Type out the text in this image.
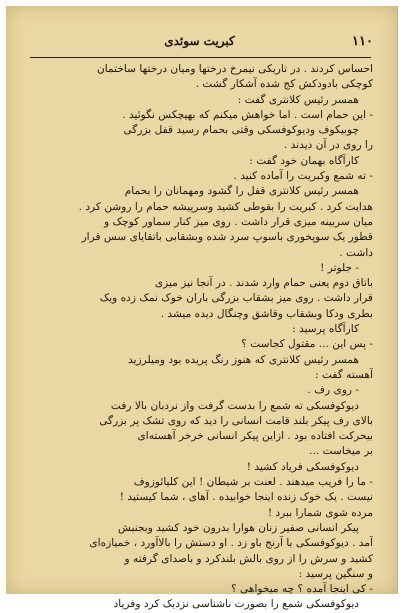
۱۱۰
کبریت سوئدی
احساس کردند . در تاریکی نیمرخ درختها ومیان درختها ساختمان
کوچکی بادودکش کج شده آشکار گشت .
همسر رئیس کلانتری گفت :
- این حمام است . اما خواهش میکنم که بهیچکس نگوئید .
چوبیکوف ودیوکوفسکی وقتی بحمام رسید قفل بزرگی
را روی در آن دیدند .
کارآگاه بهمان خود گفت :
- ته شمع وکبریت را آماده کنید .
همسر رئیس کلانتری قفل را گشود ومهمانان را بحمام
هدایت کرد . کبریت را بقوطی کشید وسرپیشه حمام را روشن کرد .
میان سربینه میزی قرار داشت . روی میز کنار سماور کوچک و
قطور یک سوپخوری باسوپ سرد شده وبشقابی باتقایای سس قرار
داشت .
- جلوتر !
باتاق دوم یعنی حمام وارد شدند . در آنجا نیز میزی
قرار داشت . روی میز بشقاب بزرگی باران خوک نمک زده ویک
بطری ودکا وبشقاب وقاشق وچنگال دیده میشد .
کارآگاه پرسید :
- پس این ... مقتول کجاست ؟
همسر رئیس کلانتری که هنوز رنگ پریده بود ومیلرزید
آهسته گفت :
- روی رف .
دیوکوفسکی ته شمع را بدست گرفت واز نردبان بالا رفت
بالای رف پیکر بلند قامت انسانی را دید که روی تشک پر بزرگی
بیحرکت افتاده بود . ازاین پیکر انسانی خرخر آهسته‌ای
بر میخاست ...
دیوکوفسکی فریاد کشید !
- ما را فریب میدهند . لعنت بر شیطان ! این کلیائوزوف
نیست . یک خوک زنده اینجا خوابیده . آهای ، شما کیستید !
مرده شوی شمارا ببرد !
پیکر انسانی صفیر زنان هوارا بدرون خود کشید وبجنبش
آمد . دیوکوفسکی با آرنج باو زد . او دستش را بالاآورد ، خمیازه‌ای
کشید و سرش را از روی بالش بلندکرد و باصدای گرفته و
و سنگین پرسید :
- کی اینجا آمده ؟ چه میخواهی ؟
دیوکوفسکی شمع را بصورت ناشناسی نزدیک کرد وفریاد
